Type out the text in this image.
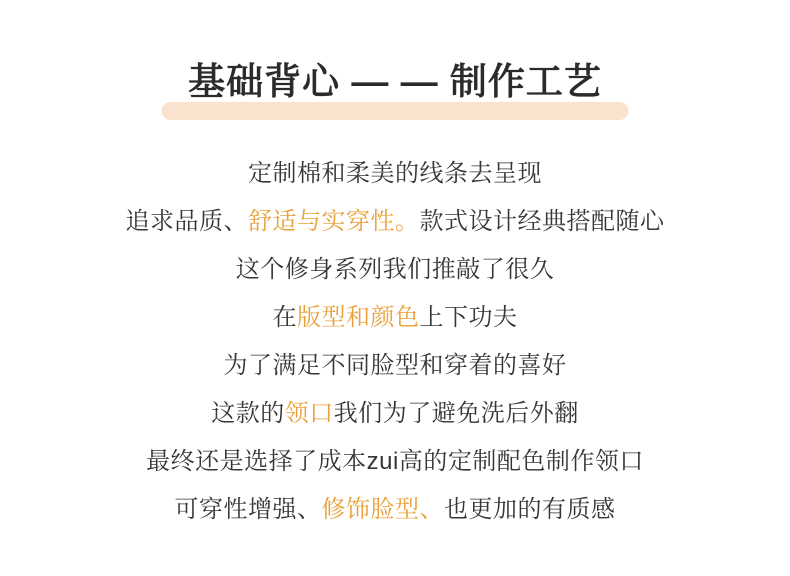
基础背心 — — 制作工艺

定制棉和柔美的线条去呈现

追求品质、舒适与实穿性。款式设计经典搭配随心

这个修身系列我们推敲了很久

在版型和颜色上下功夫

为了满足不同脸型和穿着的喜好

这款的领口我们为了避免洗后外翻

最终还是选择了成本zui高的定制配色制作领口

可穿性增强、修饰脸型、也更加的有质感
